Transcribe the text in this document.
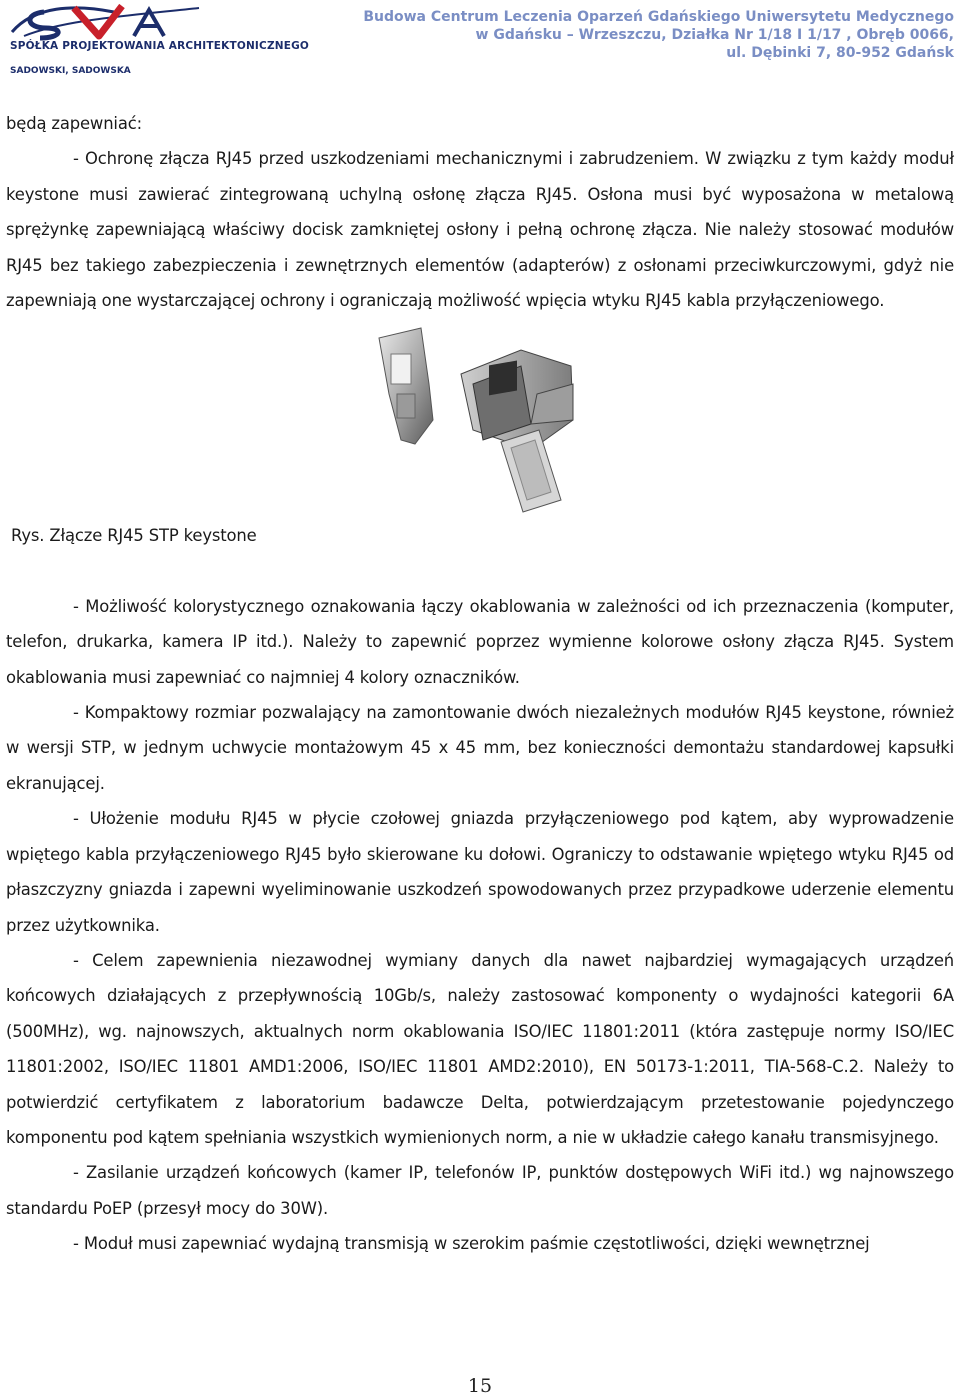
SPÓŁKA PROJEKTOWANIA ARCHITEKTONICZNEGO
SADOWSKI, SADOWSKA
Budowa Centrum Leczenia Oparzeń Gdańskiego Uniwersytetu Medycznego
w Gdańsku – Wrzeszczu, Działka Nr 1/18 I 1/17 , Obręb 0066,
ul. Dębinki 7, 80-952 Gdańsk

będą zapewniać:

- Ochronę złącza RJ45 przed uszkodzeniami mechanicznymi i zabrudzeniem. W związku z tym każdy moduł keystone musi zawierać zintegrowaną uchylną osłonę złącza RJ45. Osłona musi być wyposażona w metalową sprężynkę zapewniającą właściwy docisk zamkniętej osłony i pełną ochronę złącza. Nie należy stosować modułów RJ45 bez takiego zabezpieczenia i zewnętrznych elementów (adapterów) z osłonami przeciwkurczowymi, gdyż nie zapewniają one wystarczającej ochrony i ograniczają możliwość wpięcia wtyku RJ45 kabla przyłączeniowego.

Rys. Złącze RJ45 STP keystone

- Możliwość kolorystycznego oznakowania łączy okablowania w zależności od ich przeznaczenia (komputer, telefon, drukarka, kamera IP itd.). Należy to zapewnić poprzez wymienne kolorowe osłony złącza RJ45. System okablowania musi zapewniać co najmniej 4 kolory oznaczników.

- Kompaktowy rozmiar pozwalający na zamontowanie dwóch niezależnych modułów RJ45 keystone, również w wersji STP, w jednym uchwycie montażowym 45 x 45 mm, bez konieczności demontażu standardowej kapsułki ekranującej.

- Ułożenie modułu RJ45 w płycie czołowej gniazda przyłączeniowego pod kątem, aby wyprowadzenie wpiętego kabla przyłączeniowego RJ45 było skierowane ku dołowi. Ograniczy to odstawanie wpiętego wtyku RJ45 od płaszczyzny gniazda i zapewni wyeliminowanie uszkodzeń spowodowanych przez przypadkowe uderzenie elementu przez użytkownika.

- Celem zapewnienia niezawodnej wymiany danych dla nawet najbardziej wymagających urządzeń końcowych działających z przepływnością 10Gb/s, należy zastosować komponenty o wydajności kategorii 6A (500MHz), wg. najnowszych, aktualnych norm okablowania ISO/IEC 11801:2011 (która zastępuje normy ISO/IEC 11801:2002, ISO/IEC 11801 AMD1:2006, ISO/IEC 11801 AMD2:2010), EN 50173-1:2011, TIA-568-C.2. Należy to potwierdzić certyfikatem z laboratorium badawcze Delta, potwierdzającym przetestowanie pojedynczego komponentu pod kątem spełniania wszystkich wymienionych norm, a nie w układzie całego kanału transmisyjnego.

- Zasilanie urządzeń końcowych (kamer IP, telefonów IP, punktów dostępowych WiFi itd.) wg najnowszego standardu PoEP (przesył mocy do 30W).

- Moduł musi zapewniać wydajną transmisją w szerokim paśmie częstotliwości, dzięki wewnętrznej

15
